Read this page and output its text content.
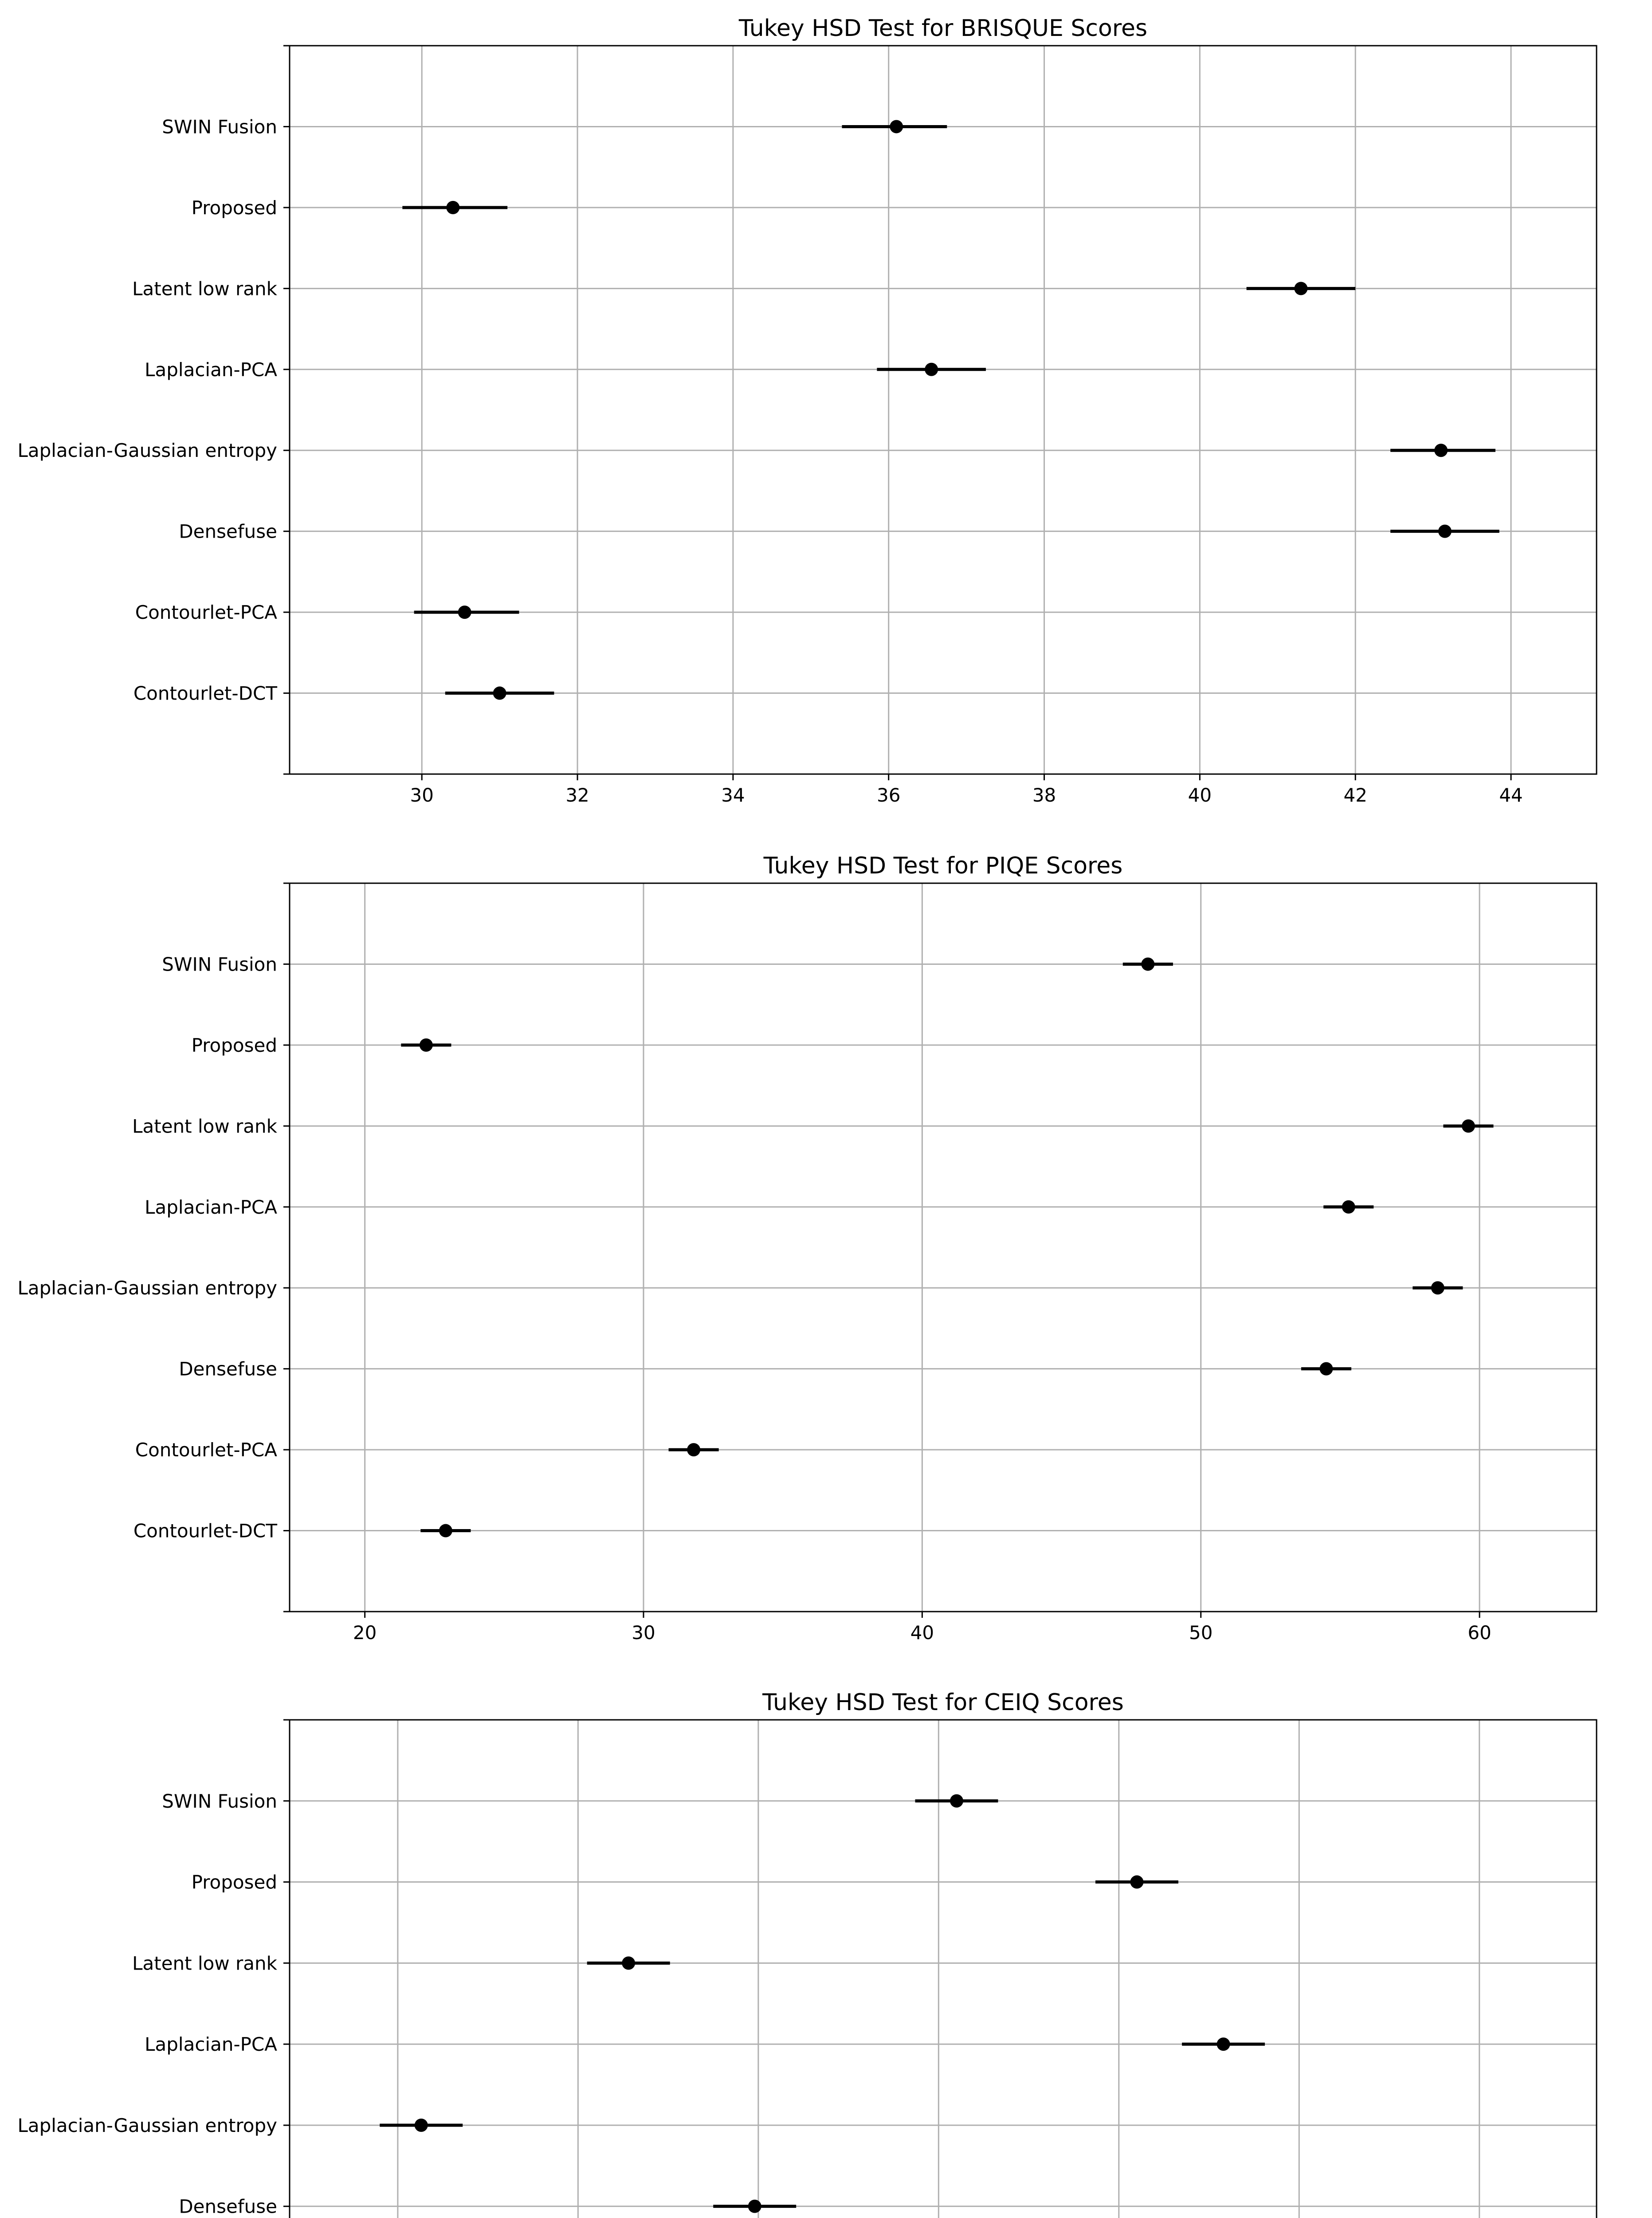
30	32	34	36	38	40	42	44
SWIN Fusion
Proposed
Latent low rank
Laplacian-PCA
Laplacian-Gaussian entropy
Densefuse
Contourlet-PCA
Contourlet-DCT
Tukey HSD Test for BRISQUE Scores
20	30	40	50	60
SWIN Fusion
Proposed
Latent low rank
Laplacian-PCA
Laplacian-Gaussian entropy
Densefuse
Contourlet-PCA
Contourlet-DCT
Tukey HSD Test for PIQE Scores
SWIN Fusion
Proposed
Latent low rank
Laplacian-PCA
Laplacian-Gaussian entropy
Densefuse
Tukey HSD Test for CEIQ Scores
